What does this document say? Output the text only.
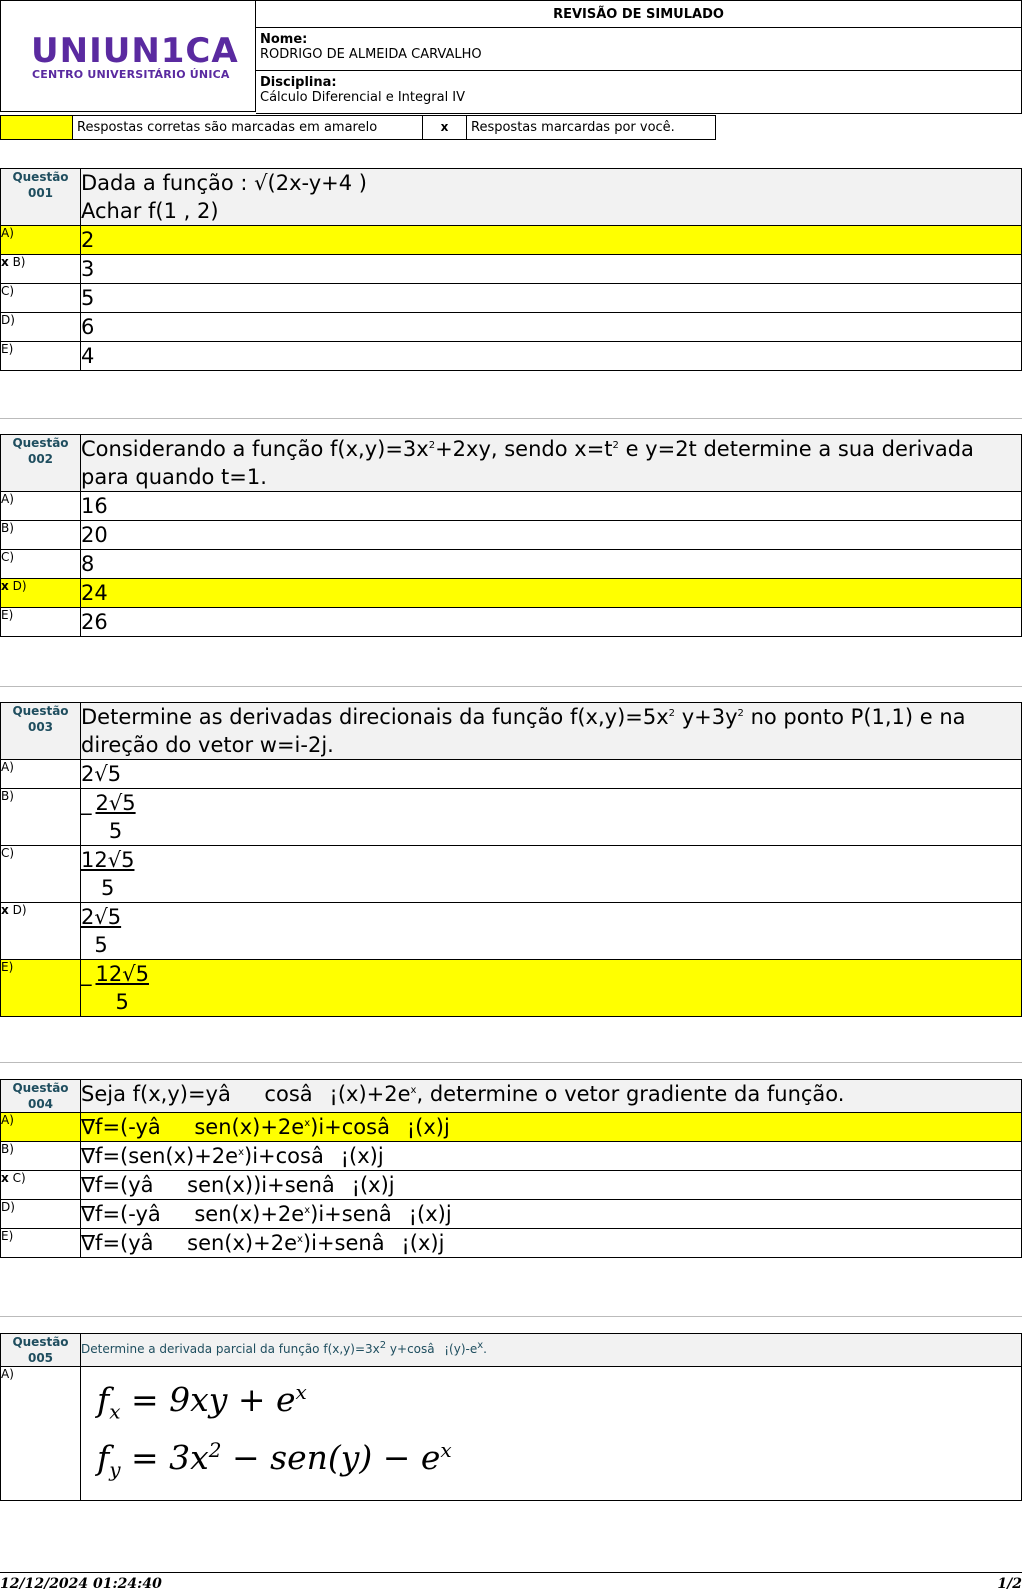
UNIUN1CA
CENTRO UNIVERSITÁRIO ÚNICA
REVISÃO DE SIMULADO
Nome:
RODRIGO DE ALMEIDA CARVALHO
Disciplina:
Cálculo Diferencial e Integral IV
Respostas corretas são marcadas em amarelo	x	Respostas marcardas por você.
Questão
001	Dada a função : √(2x-y+4 )
Achar f(1 , 2)
A)	2
x B)	3
C)	5
D)	6
E)	4
Questão
002	Considerando a função $f(x,y)=3x^2+2xy$, sendo $x=t^2$ e y=2t determine a sua derivada para quando t=1.
A)	16
B)	20
C)	8
x D)	24
E)	26
Questão
003	Determine as derivadas direcionais da função $f(x,y)=5x^2$ $y+3y^2$ no ponto P(1,1) e na direção do vetor w=i-2j.
A)	2√5
B)	_ $\frac{2√5}{5}$

C)	$\frac{12√5}{5}$

x D)	$\frac{2√5}{5}$

E)	_ $\frac{12√5}{5}$
Questão
004	Seja $f(x,y)=yâ\cos â¡(x)+2e^x$, determine o vetor gradiente da função.
A)	$\nabla f=(-yâsen(x)+2e^x)i+\cos â¡(x)j$
B)	$\nabla f=(sen(x)+2e^x)i+\cos â¡(x)j$
x C)	∇f=(yâsen(x))i+senâ¡(x)j
D)	$\nabla f=(-yâsen(x)+2e^x)i+senâ¡(x)j$
E)	$\nabla f=(yâsen(x)+2e^x)i+senâ¡(x)j$
Questão
005	Determine a derivada parcial da função $f(x,y)=3x^2$ $y+\cos â¡(y)-e^x$.
A)	$f_x = 9xy + e^x$
$f_y = 3x^2 - sen(y) - e^x$
12/12/2024 01:24:40	1/2
